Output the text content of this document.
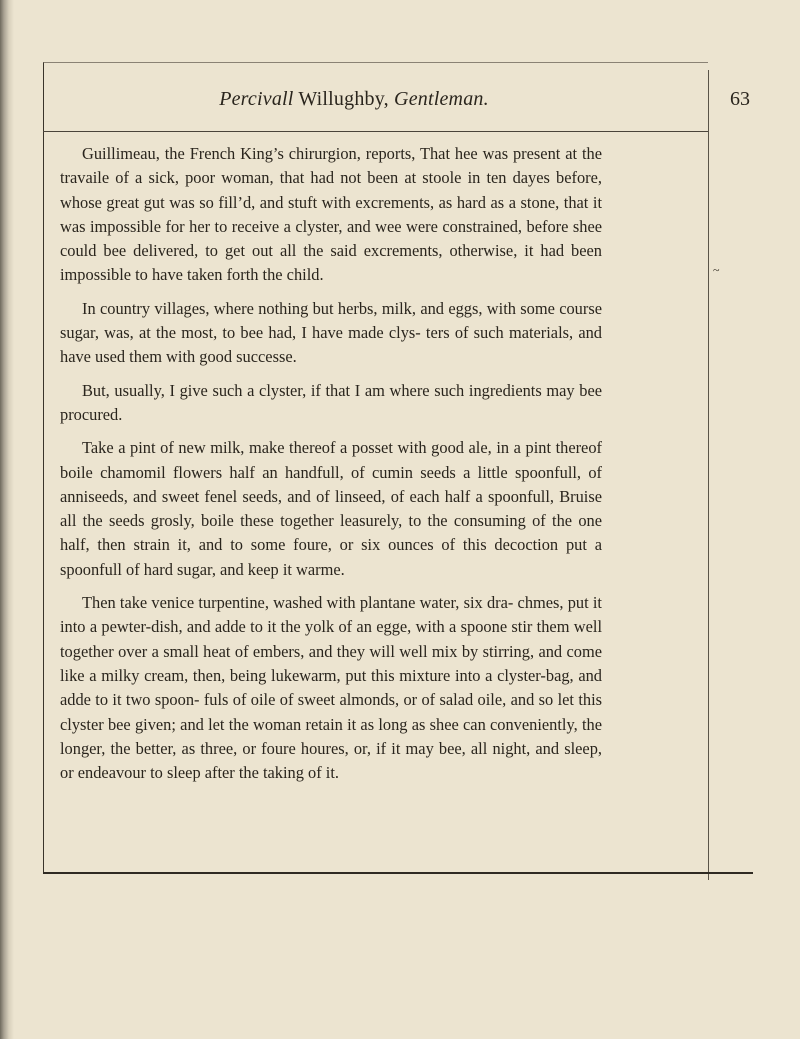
Percivall Willughby, Gentleman.	63

Guillimeau, the French King’s chirurgion, reports, That hee was present at the travaile of a sick, poor woman, that had not been at stoole in ten dayes before, whose great gut was so fill’d, and stuft with excrements, as hard as a stone, that it was impossible for her to receive a clyster, and wee were constrained, before shee could bee delivered, to get out all the said excrements, otherwise, it had been impossible to have taken forth the child.

In country villages, where nothing but herbs, milk, and eggs, with some course sugar, was, at the most, to bee had, I have made clys- ters of such materials, and have used them with good successe.

But, usually, I give such a clyster, if that I am where such ingredients may bee procured.

Take a pint of new milk, make thereof a posset with good ale, in a pint thereof boile chamomil flowers half an handfull, of cumin seeds a little spoonfull, of anniseeds, and sweet fenel seeds, and of linseed, of each half a spoonfull, Bruise all the seeds grosly, boile these together leasurely, to the consuming of the one half, then strain it, and to some foure, or six ounces of this decoction put a spoonfull of hard sugar, and keep it warme.

Then take venice turpentine, washed with plantane water, six dra- chmes, put it into a pewter-dish, and adde to it the yolk of an egge, with a spoone stir them well together over a small heat of embers, and they will well mix by stirring, and come like a milky cream, then, being lukewarm, put this mixture into a clyster-bag, and adde to it two spoon- fuls of oile of sweet almonds, or of salad oile, and so let this clyster bee given; and let the woman retain it as long as shee can conveniently, the longer, the better, as three, or foure houres, or, if it may bee, all night, and sleep, or endeavour to sleep after the taking of it.

~
